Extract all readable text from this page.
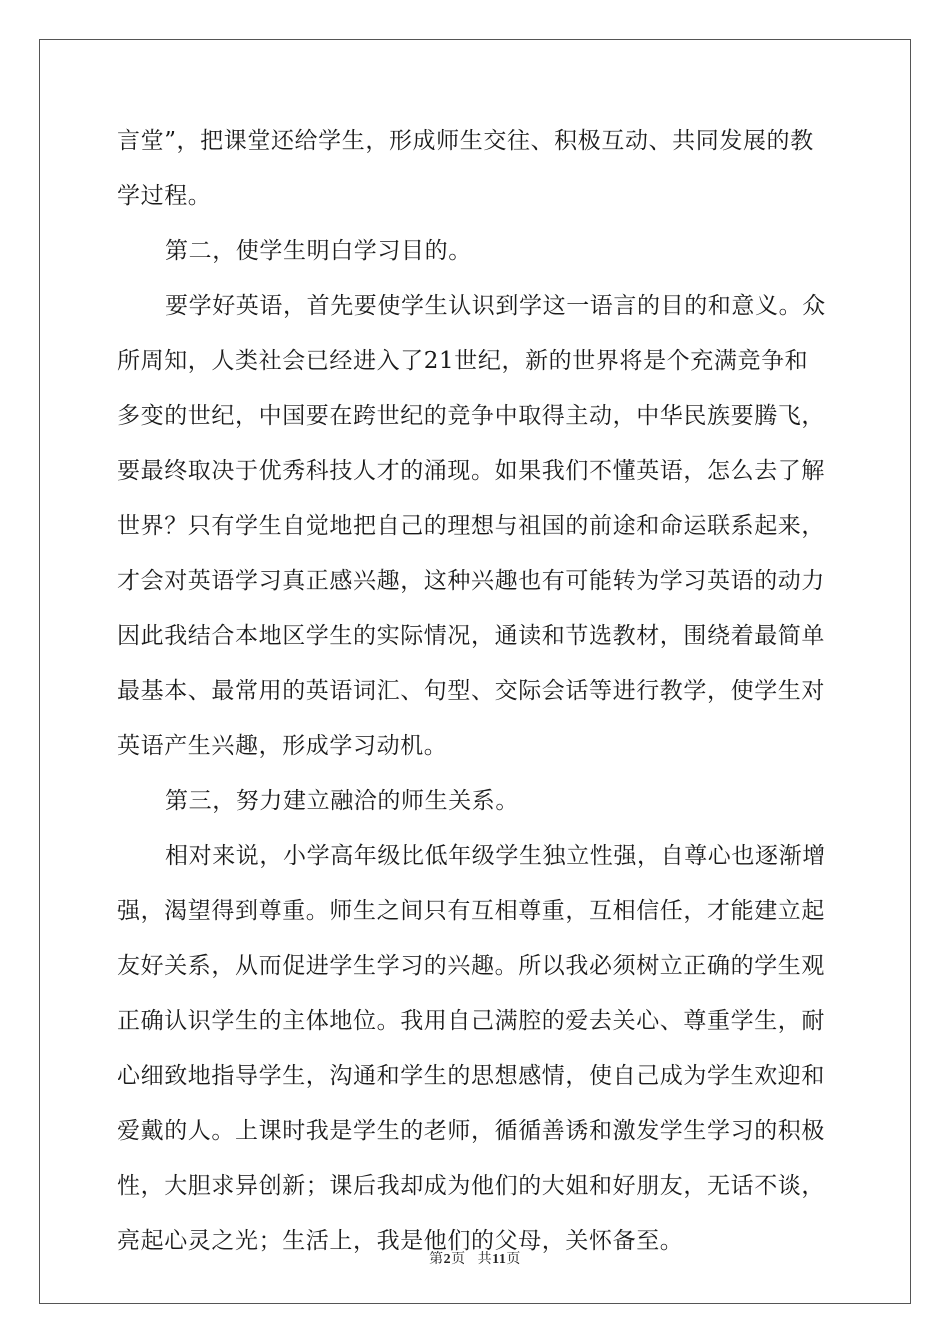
言堂”，把课堂还给学生，形成师生交往、积极互动、共同发展的教
学过程。
第二，使学生明白学习目的。
要学好英语，首先要使学生认识到学这一语言的目的和意义。众
所周知，人类社会已经进入了21世纪，新的世界将是个充满竞争和
多变的世纪，中国要在跨世纪的竞争中取得主动，中华民族要腾飞，
要最终取决于优秀科技人才的涌现。如果我们不懂英语，怎么去了解
世界？只有学生自觉地把自己的理想与祖国的前途和命运联系起来，
才会对英语学习真正感兴趣，这种兴趣也有可能转为学习英语的动力
因此我结合本地区学生的实际情况，通读和节选教材，围绕着最简单
最基本、最常用的英语词汇、句型、交际会话等进行教学，使学生对
英语产生兴趣，形成学习动机。
第三，努力建立融洽的师生关系。
相对来说，小学高年级比低年级学生独立性强，自尊心也逐渐增
强，渴望得到尊重。师生之间只有互相尊重，互相信任，才能建立起
友好关系，从而促进学生学习的兴趣。所以我必须树立正确的学生观
正确认识学生的主体地位。我用自己满腔的爱去关心、尊重学生，耐
心细致地指导学生，沟通和学生的思想感情，使自己成为学生欢迎和
爱戴的人。上课时我是学生的老师，循循善诱和激发学生学习的积极
性，大胆求异创新；课后我却成为他们的大姐和好朋友，无话不谈，
亮起心灵之光；生活上，我是他们的父母，关怀备至。
第2页 共11页
